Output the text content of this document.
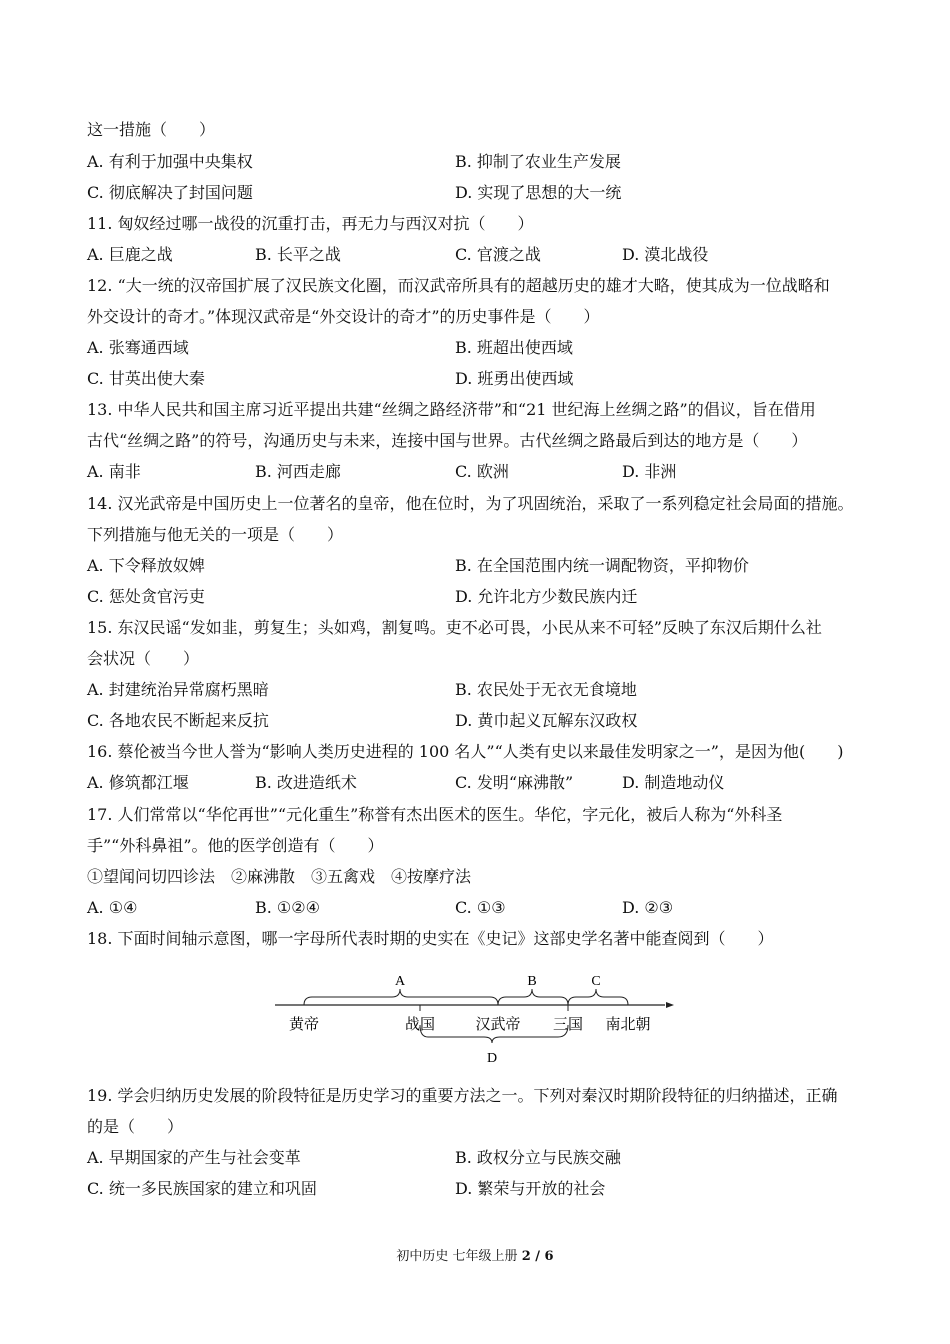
这一措施（　　）
A. 有利于加强中央集权	B. 抑制了农业生产发展
C. 彻底解决了封国问题	D. 实现了思想的大一统
11. 匈奴经过哪一战役的沉重打击，再无力与西汉对抗（　　）
A. 巨鹿之战	B. 长平之战	C. 官渡之战	D. 漠北战役
12. “大一统的汉帝国扩展了汉民族文化圈，而汉武帝所具有的超越历史的雄才大略，使其成为一位战略和
外交设计的奇才。”体现汉武帝是“外交设计的奇才”的历史事件是（　　）
A. 张骞通西域	B. 班超出使西域
C. 甘英出使大秦	D. 班勇出使西域
13. 中华人民共和国主席习近平提出共建“丝绸之路经济带”和“21 世纪海上丝绸之路”的倡议，旨在借用
古代“丝绸之路”的符号，沟通历史与未来，连接中国与世界。古代丝绸之路最后到达的地方是（　　）
A. 南非	B. 河西走廊	C. 欧洲	D. 非洲
14. 汉光武帝是中国历史上一位著名的皇帝，他在位时，为了巩固统治，采取了一系列稳定社会局面的措施。
下列措施与他无关的一项是（　　）
A. 下令释放奴婢	B. 在全国范围内统一调配物资，平抑物价
C. 惩处贪官污吏	D. 允许北方少数民族内迁
15. 东汉民谣“发如韭，剪复生；头如鸡，割复鸣。吏不必可畏，小民从来不可轻”反映了东汉后期什么社
会状况（　　）
A. 封建统治异常腐朽黑暗	B. 农民处于无衣无食境地
C. 各地农民不断起来反抗	D. 黄巾起义瓦解东汉政权
16. 蔡伦被当今世人誉为“影响人类历史进程的 100 名人”“人类有史以来最佳发明家之一”，是因为他(　　)
A. 修筑都江堰	B. 改进造纸术	C. 发明“麻沸散”	D. 制造地动仪
17. 人们常常以“华佗再世”“元化重生”称誉有杰出医术的医生。华佗，字元化，被后人称为“外科圣
手”“外科鼻祖”。他的医学创造有（　　）
①望闻问切四诊法　②麻沸散　③五禽戏　④按摩疗法
A. ①④	B. ①②④	C. ①③	D. ②③
18. 下面时间轴示意图，哪一字母所代表时期的史实在《史记》这部史学名著中能查阅到（　　）
A	B	C
D
黄帝	战国	汉武帝 三国 南北朝
19. 学会归纳历史发展的阶段特征是历史学习的重要方法之一。下列对秦汉时期阶段特征的归纳描述，正确
的是（　　）
A. 早期国家的产生与社会变革	B. 政权分立与民族交融
C. 统一多民族国家的建立和巩固	D. 繁荣与开放的社会
初中历史 七年级上册 2 / 6
